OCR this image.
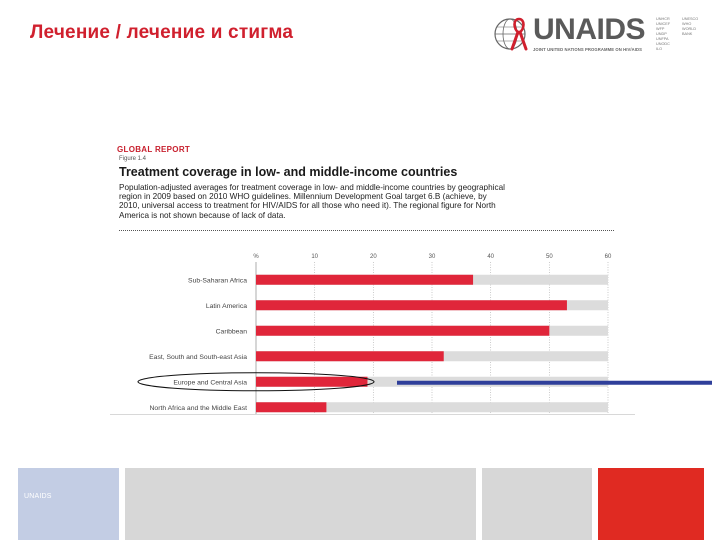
Лечение / лечение и стигма	UNAIDS
JOINT UNITED NATIONS PROGRAMME ON HIV/AIDS
UNHCR
UNICEF
WFP
UNDP
UNFPA
UNODC
ILO
UNESCO
WHO
WORLD BANK
GLOBAL REPORT
Figure 1.4
Treatment coverage in low- and middle-income countries
Population-adjusted averages for treatment coverage in low- and middle-income countries by geographical region in 2009 based on 2010 WHO guidelines. Millennium Development Goal target 6.B (achieve, by 2010, universal access to treatment for HIV/AIDS for all those who need it). The regional figure for North America is not shown because of lack of data.
%	10	20	30	40	50	60
Sub-Saharan Africa
Latin America
Caribbean
East, South and South-east Asia
Europe and Central Asia
North Africa and the Middle East
UNAIDS
